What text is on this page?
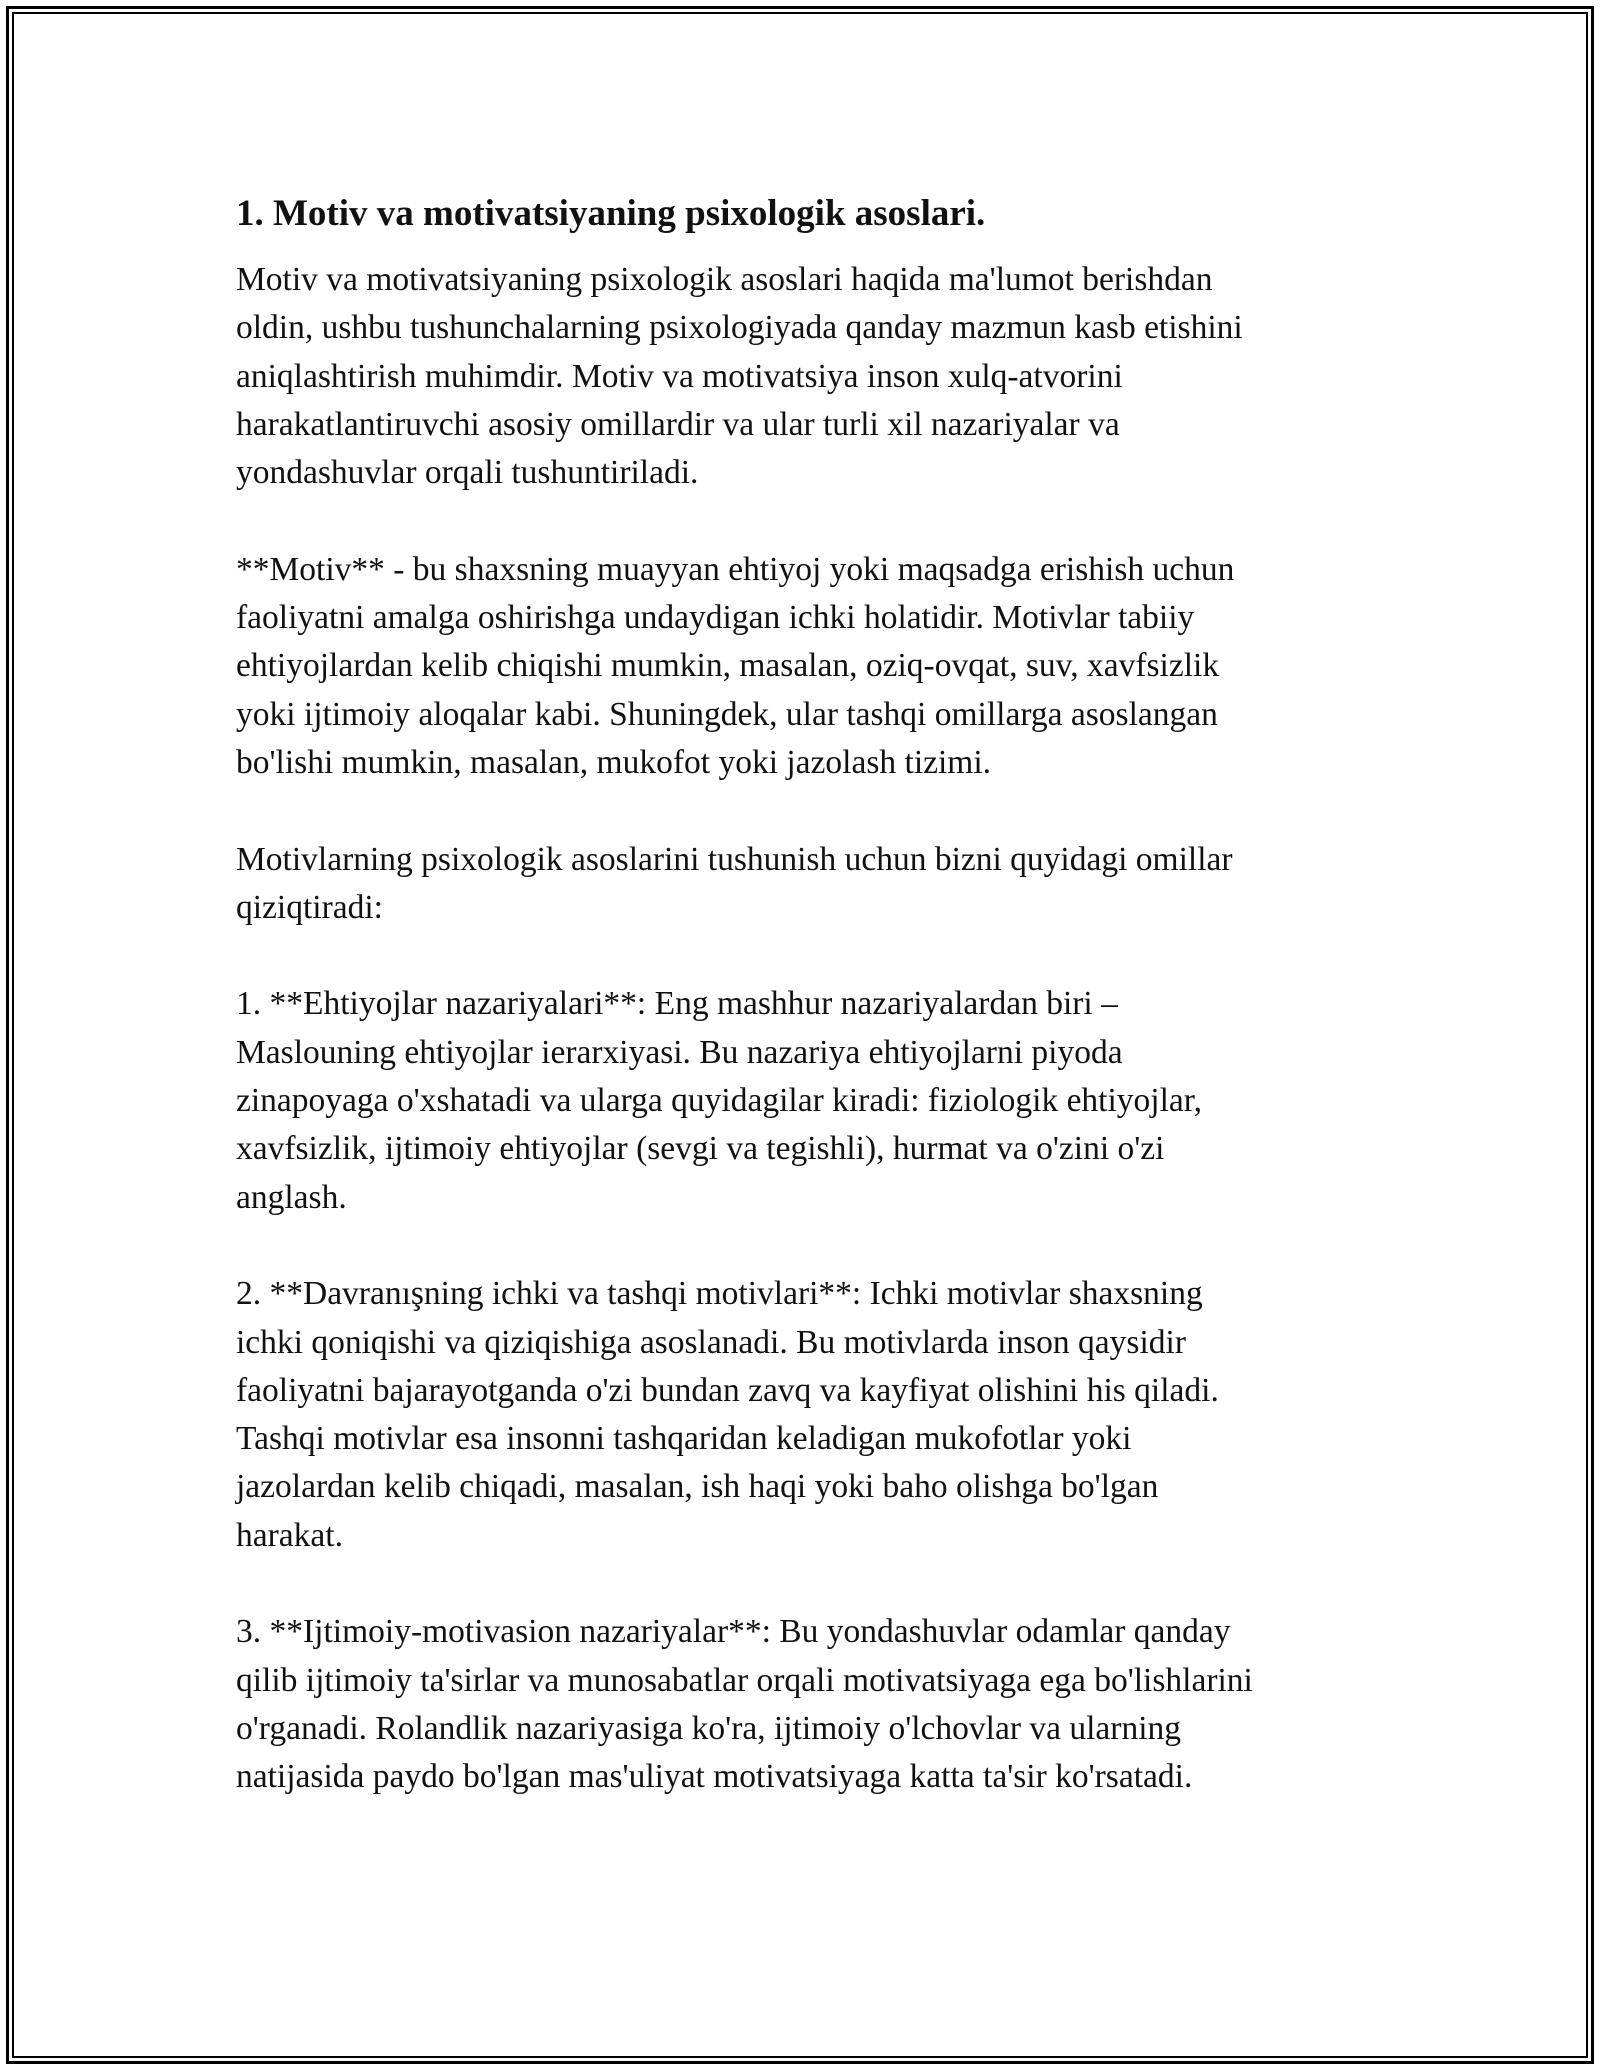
1. Motiv va motivatsiyaning psixologik asoslari.
Motiv va motivatsiyaning psixologik asoslari haqida ma'lumot berishdan
oldin, ushbu tushunchalarning psixologiyada qanday mazmun kasb etishini
aniqlashtirish muhimdir. Motiv va motivatsiya inson xulq-atvorini
harakatlantiruvchi asosiy omillardir va ular turli xil nazariyalar va
yondashuvlar orqali tushuntiriladi.
**Motiv** - bu shaxsning muayyan ehtiyoj yoki maqsadga erishish uchun
faoliyatni amalga oshirishga undaydigan ichki holatidir. Motivlar tabiiy
ehtiyojlardan kelib chiqishi mumkin, masalan, oziq-ovqat, suv, xavfsizlik
yoki ijtimoiy aloqalar kabi. Shuningdek, ular tashqi omillarga asoslangan
bo'lishi mumkin, masalan, mukofot yoki jazolash tizimi.
Motivlarning psixologik asoslarini tushunish uchun bizni quyidagi omillar
qiziqtiradi:
1. **Ehtiyojlar nazariyalari**: Eng mashhur nazariyalardan biri –
Maslouning ehtiyojlar ierarxiyasi. Bu nazariya ehtiyojlarni piyoda
zinapoyaga o'xshatadi va ularga quyidagilar kiradi: fiziologik ehtiyojlar,
xavfsizlik, ijtimoiy ehtiyojlar (sevgi va tegishli), hurmat va o'zini o'zi
anglash.
2. **Davranışning ichki va tashqi motivlari**: Ichki motivlar shaxsning
ichki qoniqishi va qiziqishiga asoslanadi. Bu motivlarda inson qaysidir
faoliyatni bajarayotganda o'zi bundan zavq va kayfiyat olishini his qiladi.
Tashqi motivlar esa insonni tashqaridan keladigan mukofotlar yoki
jazolardan kelib chiqadi, masalan, ish haqi yoki baho olishga bo'lgan
harakat.
3. **Ijtimoiy-motivasion nazariyalar**: Bu yondashuvlar odamlar qanday
qilib ijtimoiy ta'sirlar va munosabatlar orqali motivatsiyaga ega bo'lishlarini
o'rganadi. Rolandlik nazariyasiga ko'ra, ijtimoiy o'lchovlar va ularning
natijasida paydo bo'lgan mas'uliyat motivatsiyaga katta ta'sir ko'rsatadi.
